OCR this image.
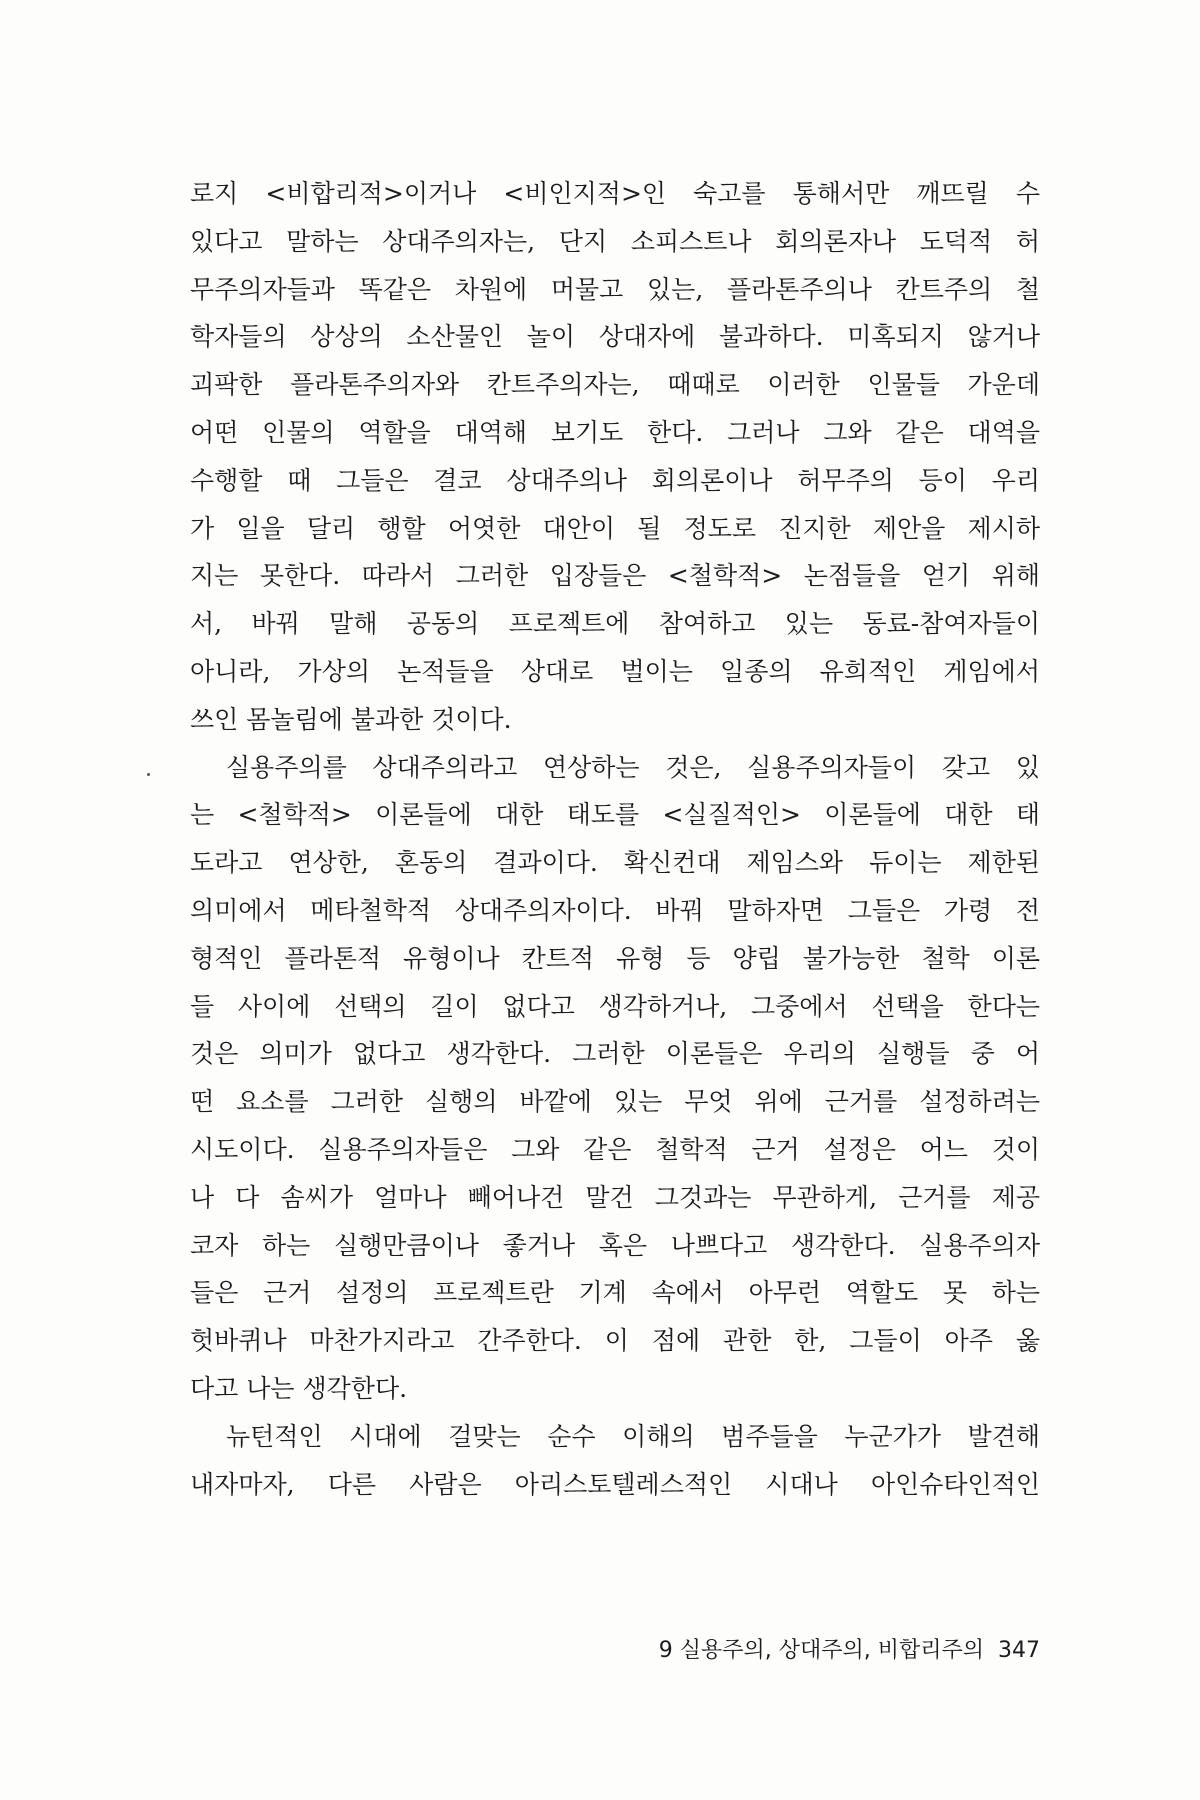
로지 <비합리적>이거나 <비인지적>인 숙고를 통해서만 깨뜨릴 수
있다고 말하는 상대주의자는, 단지 소피스트나 회의론자나 도덕적 허
무주의자들과 똑같은 차원에 머물고 있는, 플라톤주의나 칸트주의 철
학자들의 상상의 소산물인 놀이 상대자에 불과하다. 미혹되지 않거나
괴팍한 플라톤주의자와 칸트주의자는, 때때로 이러한 인물들 가운데
어떤 인물의 역할을 대역해 보기도 한다. 그러나 그와 같은 대역을
수행할 때 그들은 결코 상대주의나 회의론이나 허무주의 등이 우리
가 일을 달리 행할 어엿한 대안이 될 정도로 진지한 제안을 제시하
지는 못한다. 따라서 그러한 입장들은 <철학적> 논점들을 얻기 위해
서, 바꿔 말해 공동의 프로젝트에 참여하고 있는 동료-참여자들이
아니라, 가상의 논적들을 상대로 벌이는 일종의 유희적인 게임에서
쓰인 몸놀림에 불과한 것이다.
실용주의를 상대주의라고 연상하는 것은, 실용주의자들이 갖고 있
는 <철학적> 이론들에 대한 태도를 <실질적인> 이론들에 대한 태
도라고 연상한, 혼동의 결과이다. 확신컨대 제임스와 듀이는 제한된
의미에서 메타철학적 상대주의자이다. 바꿔 말하자면 그들은 가령 전
형적인 플라톤적 유형이나 칸트적 유형 등 양립 불가능한 철학 이론
들 사이에 선택의 길이 없다고 생각하거나, 그중에서 선택을 한다는
것은 의미가 없다고 생각한다. 그러한 이론들은 우리의 실행들 중 어
떤 요소를 그러한 실행의 바깥에 있는 무엇 위에 근거를 설정하려는
시도이다. 실용주의자들은 그와 같은 철학적 근거 설정은 어느 것이
나 다 솜씨가 얼마나 빼어나건 말건 그것과는 무관하게, 근거를 제공
코자 하는 실행만큼이나 좋거나 혹은 나쁘다고 생각한다. 실용주의자
들은 근거 설정의 프로젝트란 기계 속에서 아무런 역할도 못 하는
헛바퀴나 마찬가지라고 간주한다. 이 점에 관한 한, 그들이 아주 옳
다고 나는 생각한다.
뉴턴적인 시대에 걸맞는 순수 이해의 범주들을 누군가가 발견해
내자마자, 다른 사람은 아리스토텔레스적인 시대나 아인슈타인적인
9 실용주의, 상대주의, 비합리주의 347
